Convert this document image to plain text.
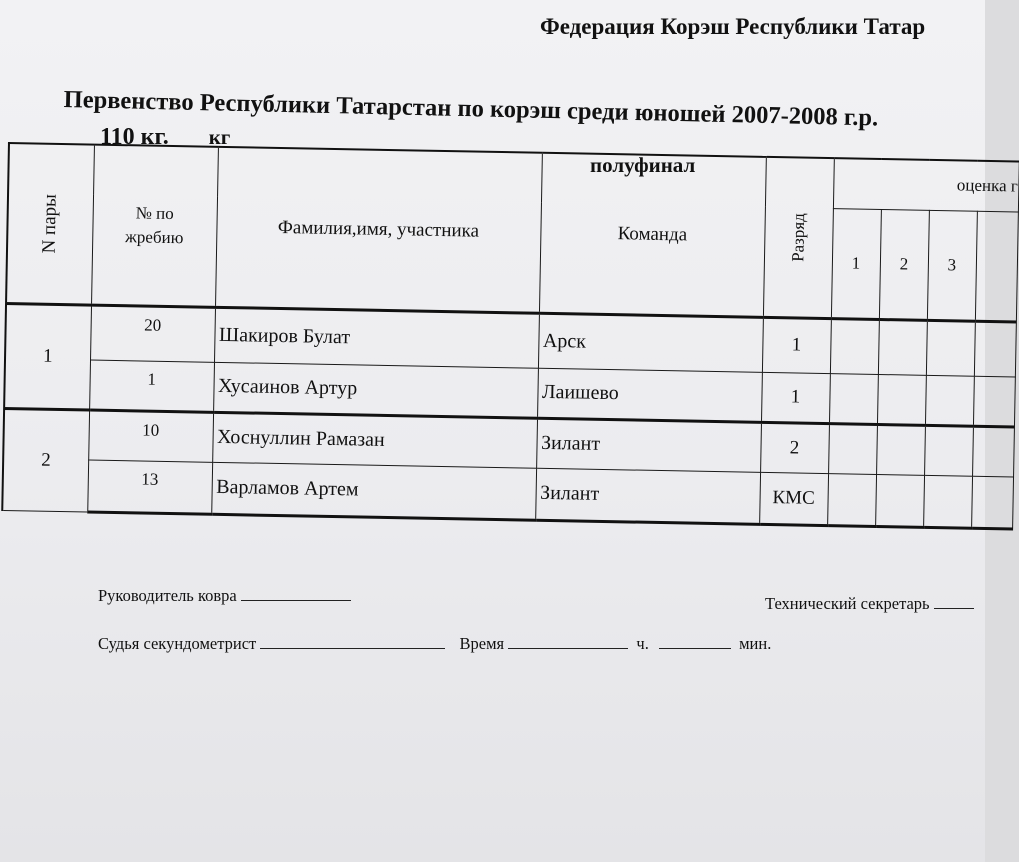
Федерация Корэш Республики Татар
Первенство Республики Татарстан по корэш среди юношей 2007-2008 г.р.
110 кг. кг
полуфинал
N пары	№ по жребию	Фамилия,имя, участника	Команда	Разряд	оценка г			
					1	2	3	
1	20	Шакиров Булат	Арск	1				
	1	Хусаинов Артур	Лаишево	1				
2	10	Хоснуллин Рамазан	Зилант	2				
	13	Варламов Артем	Зилант	КМС				
Руководитель ковра	Технический секретарь
Судья секундометрист	Время	ч.	мин.
